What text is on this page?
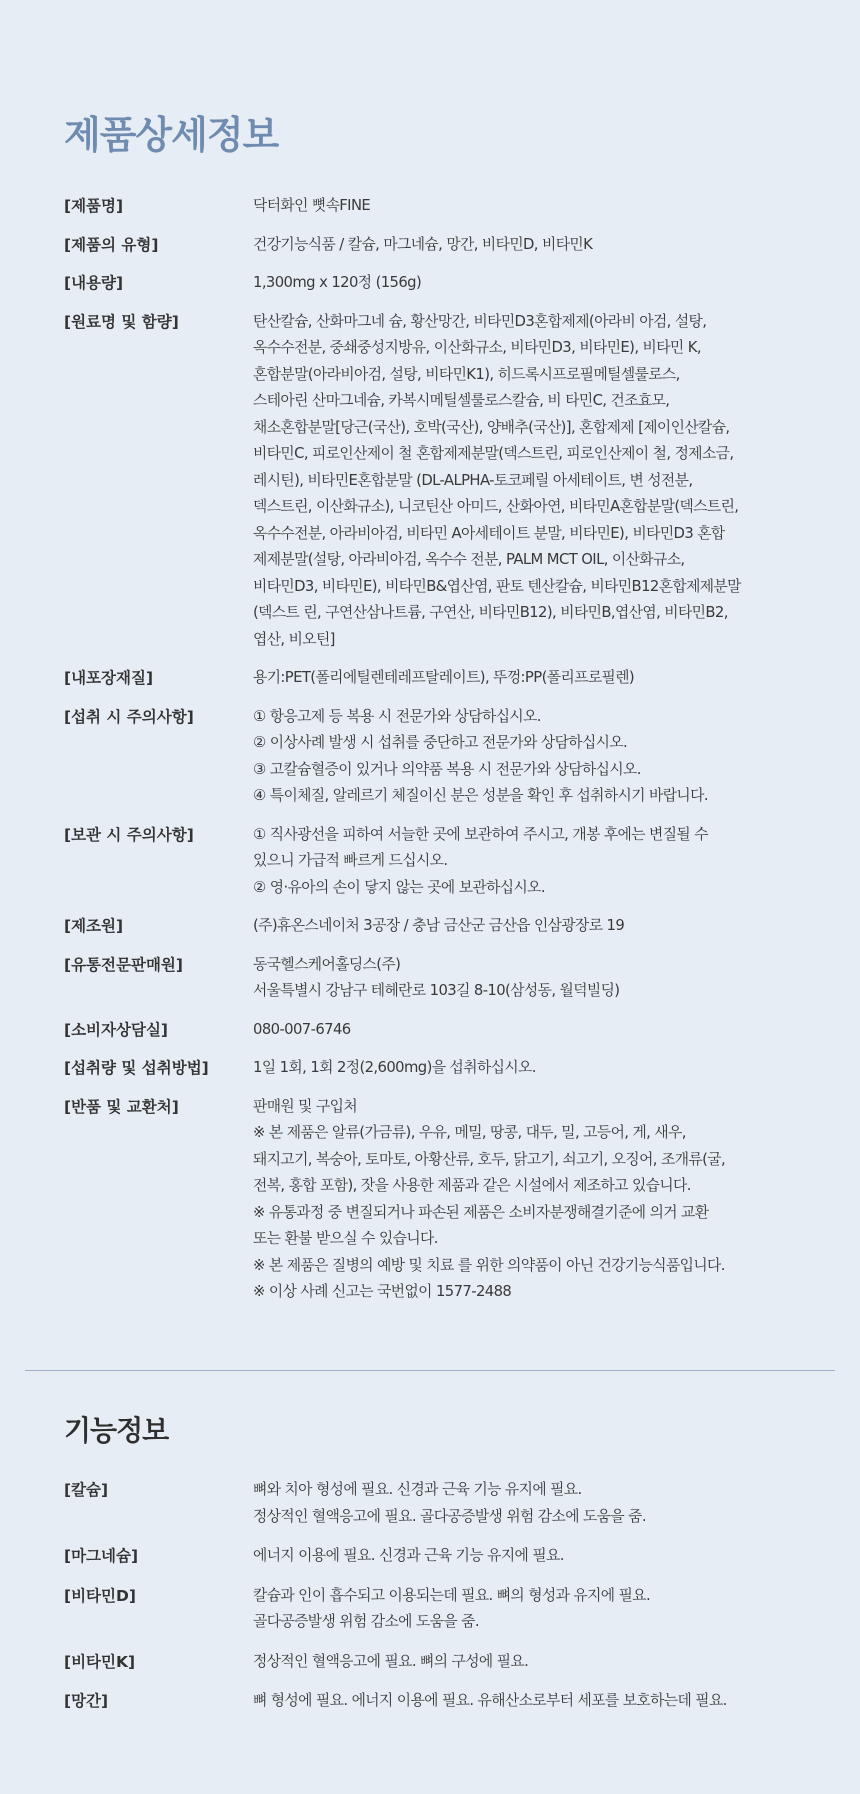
제품상세정보
[제품명]	닥터화인 뼛속FINE
[제품의 유형]	건강기능식품 / 칼슘, 마그네슘, 망간, 비타민D, 비타민K
[내용량]	1,300mg x 120정 (156g)
[원료명 및 함량]	탄산칼슘, 산화마그네 슘, 황산망간, 비타민D3혼합제제(아라비 아검, 설탕,
옥수수전분, 중쇄중성지방유, 이산화규소, 비타민D3, 비타민E), 비타민 K,
혼합분말(아라비아검, 설탕, 비타민K1), 히드록시프로필메틸셀룰로스,
스테아린 산마그네슘, 카복시메틸셀룰로스칼슘, 비 타민C, 건조효모,
채소혼합분말[당근(국산), 호박(국산), 양배추(국산)], 혼합제제 [제이인산칼슘,
비타민C, 피로인산제이 철 혼합제제분말(덱스트린, 피로인산제이 철, 정제소금,
레시틴), 비타민E혼합분말 (DL-ALPHA-토코페릴 아세테이트, 변 성전분,
덱스트린, 이산화규소), 니코틴산 아미드, 산화아연, 비타민A혼합분말(덱스트린,
옥수수전분, 아라비아검, 비타민 A아세테이트 분말, 비타민E), 비타민D3 혼합
제제분말(설탕, 아라비아검, 옥수수 전분, PALM MCT OIL, 이산화규소,
비타민D3, 비타민E), 비타민B&엽산염, 판토 텐산칼슘, 비타민B12혼합제제분말
(덱스트 린, 구연산삼나트륨, 구연산, 비타민B12), 비타민B,엽산염, 비타민B2,
엽산, 비오틴]
[내포장재질]	용기:PET(폴리에틸렌테레프탈레이트), 뚜껑:PP(폴리프로필렌)
[섭취 시 주의사항]	① 항응고제 등 복용 시 전문가와 상담하십시오.
② 이상사례 발생 시 섭취를 중단하고 전문가와 상담하십시오.
③ 고칼슘혈증이 있거나 의약품 복용 시 전문가와 상담하십시오.
④ 특이체질, 알레르기 체질이신 분은 성분을 확인 후 섭취하시기 바랍니다.
[보관 시 주의사항]	① 직사광선을 피하여 서늘한 곳에 보관하여 주시고, 개봉 후에는 변질될 수
있으니 가급적 빠르게 드십시오.
② 영·유아의 손이 닿지 않는 곳에 보관하십시오.
[제조원]	(주)휴온스네이처 3공장 / 충남 금산군 금산읍 인삼광장로 19
[유통전문판매원]	동국헬스케어홀딩스(주)
서울특별시 강남구 테헤란로 103길 8-10(삼성동, 월덕빌딩)
[소비자상담실]	080-007-6746
[섭취량 및 섭취방법]	1일 1회, 1회 2정(2,600mg)을 섭취하십시오.
[반품 및 교환처]	판매원 및 구입처
※ 본 제품은 알류(가금류), 우유, 메밀, 땅콩, 대두, 밀, 고등어, 게, 새우,
돼지고기, 복숭아, 토마토, 아황산류, 호두, 닭고기, 쇠고기, 오징어, 조개류(굴,
전복, 홍합 포함), 잣을 사용한 제품과 같은 시설에서 제조하고 있습니다.
※ 유통과정 중 변질되거나 파손된 제품은 소비자분쟁해결기준에 의거 교환
또는 환불 받으실 수 있습니다.
※ 본 제품은 질병의 예방 및 치료 를 위한 의약품이 아닌 건강기능식품입니다.
※ 이상 사례 신고는 국번없이 1577-2488
기능정보
[칼슘]	뼈와 치아 형성에 필요. 신경과 근육 기능 유지에 필요.
정상적인 혈액응고에 필요. 골다공증발생 위험 감소에 도움을 줌.
[마그네슘]	에너지 이용에 필요. 신경과 근육 기능 유지에 필요.
[비타민D]	칼슘과 인이 흡수되고 이용되는데 필요. 뼈의 형성과 유지에 필요.
골다공증발생 위험 감소에 도움을 줌.
[비타민K]	정상적인 혈액응고에 필요. 뼈의 구성에 필요.
[망간]	뼈 형성에 필요. 에너지 이용에 필요. 유해산소로부터 세포를 보호하는데 필요.
